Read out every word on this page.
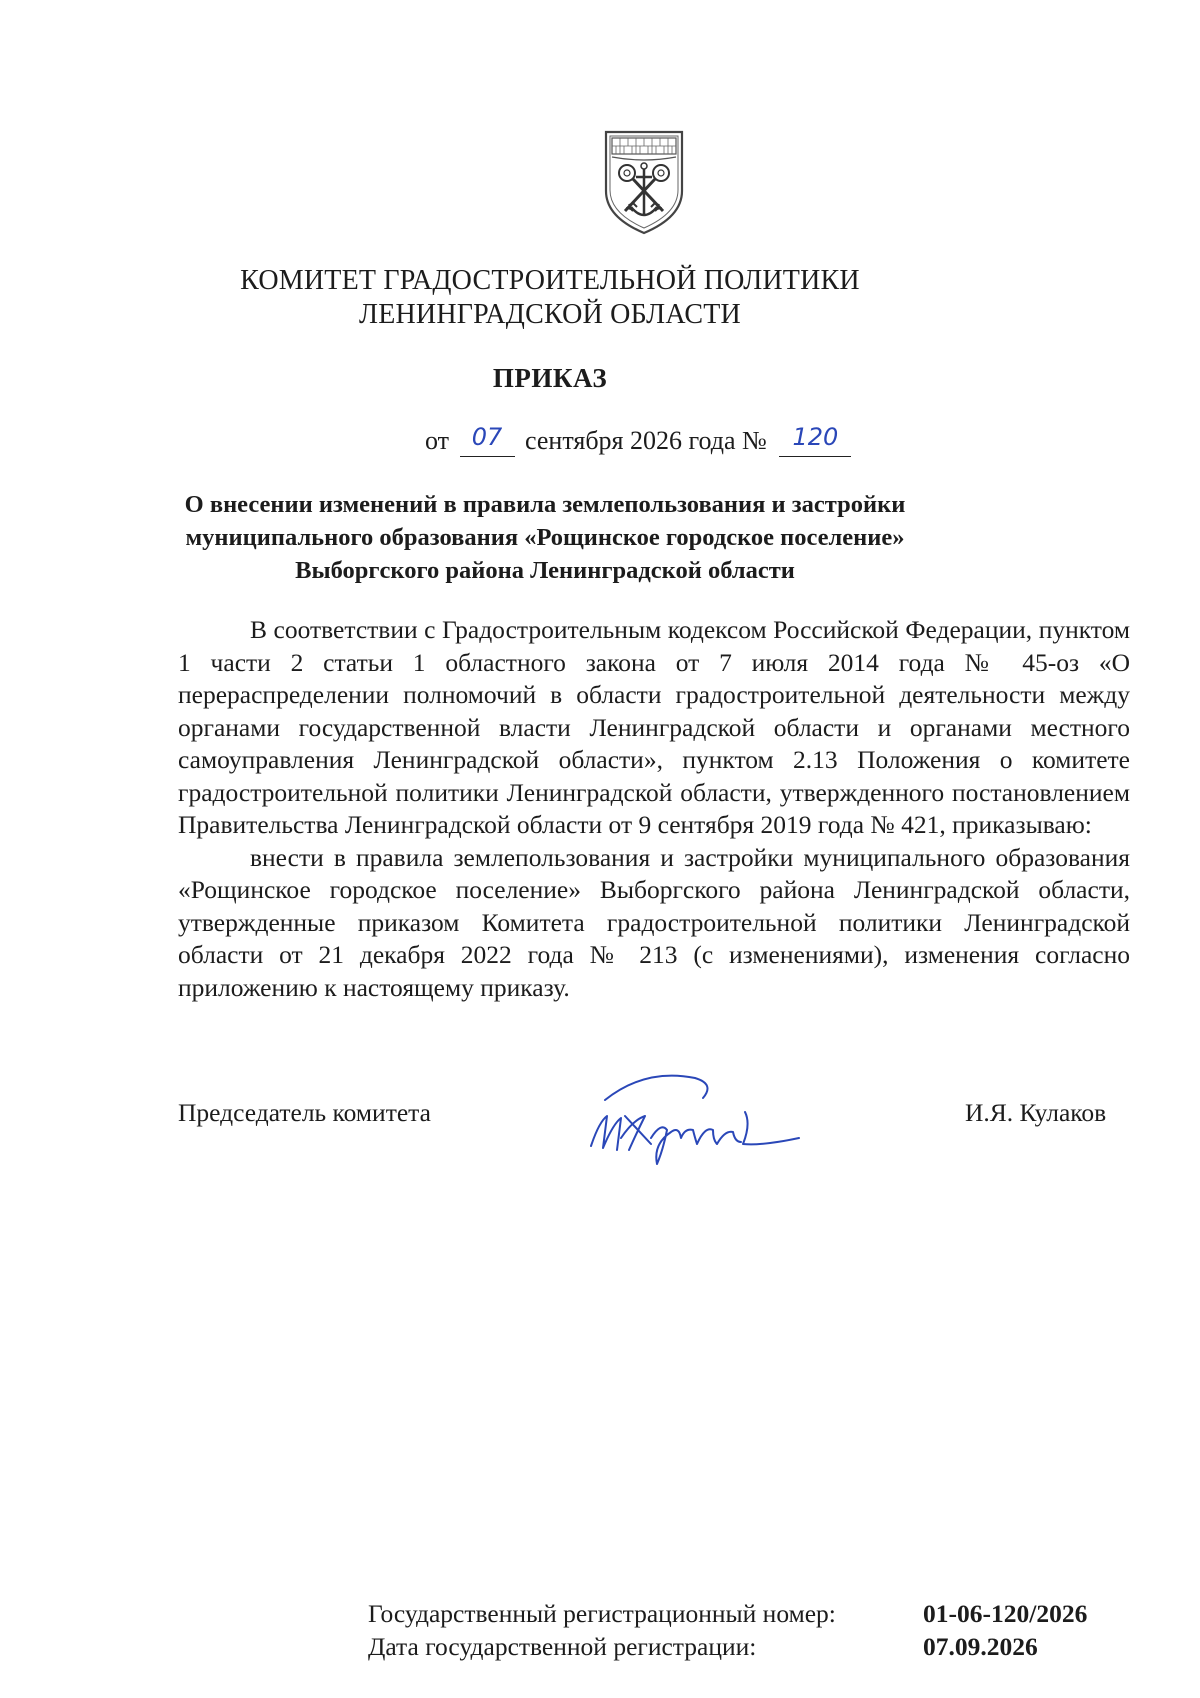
КОМИТЕТ ГРАДОСТРОИТЕЛЬНОЙ ПОЛИТИКИ
ЛЕНИНГРАДСКОЙ ОБЛАСТИ
ПРИКАЗ
от 07 сентября 2026 года № 120
О внесении изменений в правила землепользования и застройки
муниципального образования «Рощинское городское поселение»
Выборгского района Ленинградской области

В соответствии с Градостроительным кодексом Российской Федерации, пунктом 1 части 2 статьи 1 областного закона от 7 июля 2014 года № 45-оз «О перераспределении полномочий в области градостроительной деятельности между органами государственной власти Ленинградской области и органами местного самоуправления Ленинградской области», пунктом 2.13 Положения о комитете градостроительной политики Ленинградской области, утвержденного постановлением Правительства Ленинградской области от 9 сентября 2019 года № 421, приказываю:

внести в правила землепользования и застройки муниципального образования «Рощинское городское поселение» Выборгского района Ленинградской области, утвержденные приказом Комитета градостроительной политики Ленинградской области от 21 декабря 2022 года № 213 (с изменениями), изменения согласно приложению к настоящему приказу.

Председатель комитета	И.Я. Кулаков
Государственный регистрационный номер:	01-06-120/2026
Дата государственной регистрации:	07.09.2026
